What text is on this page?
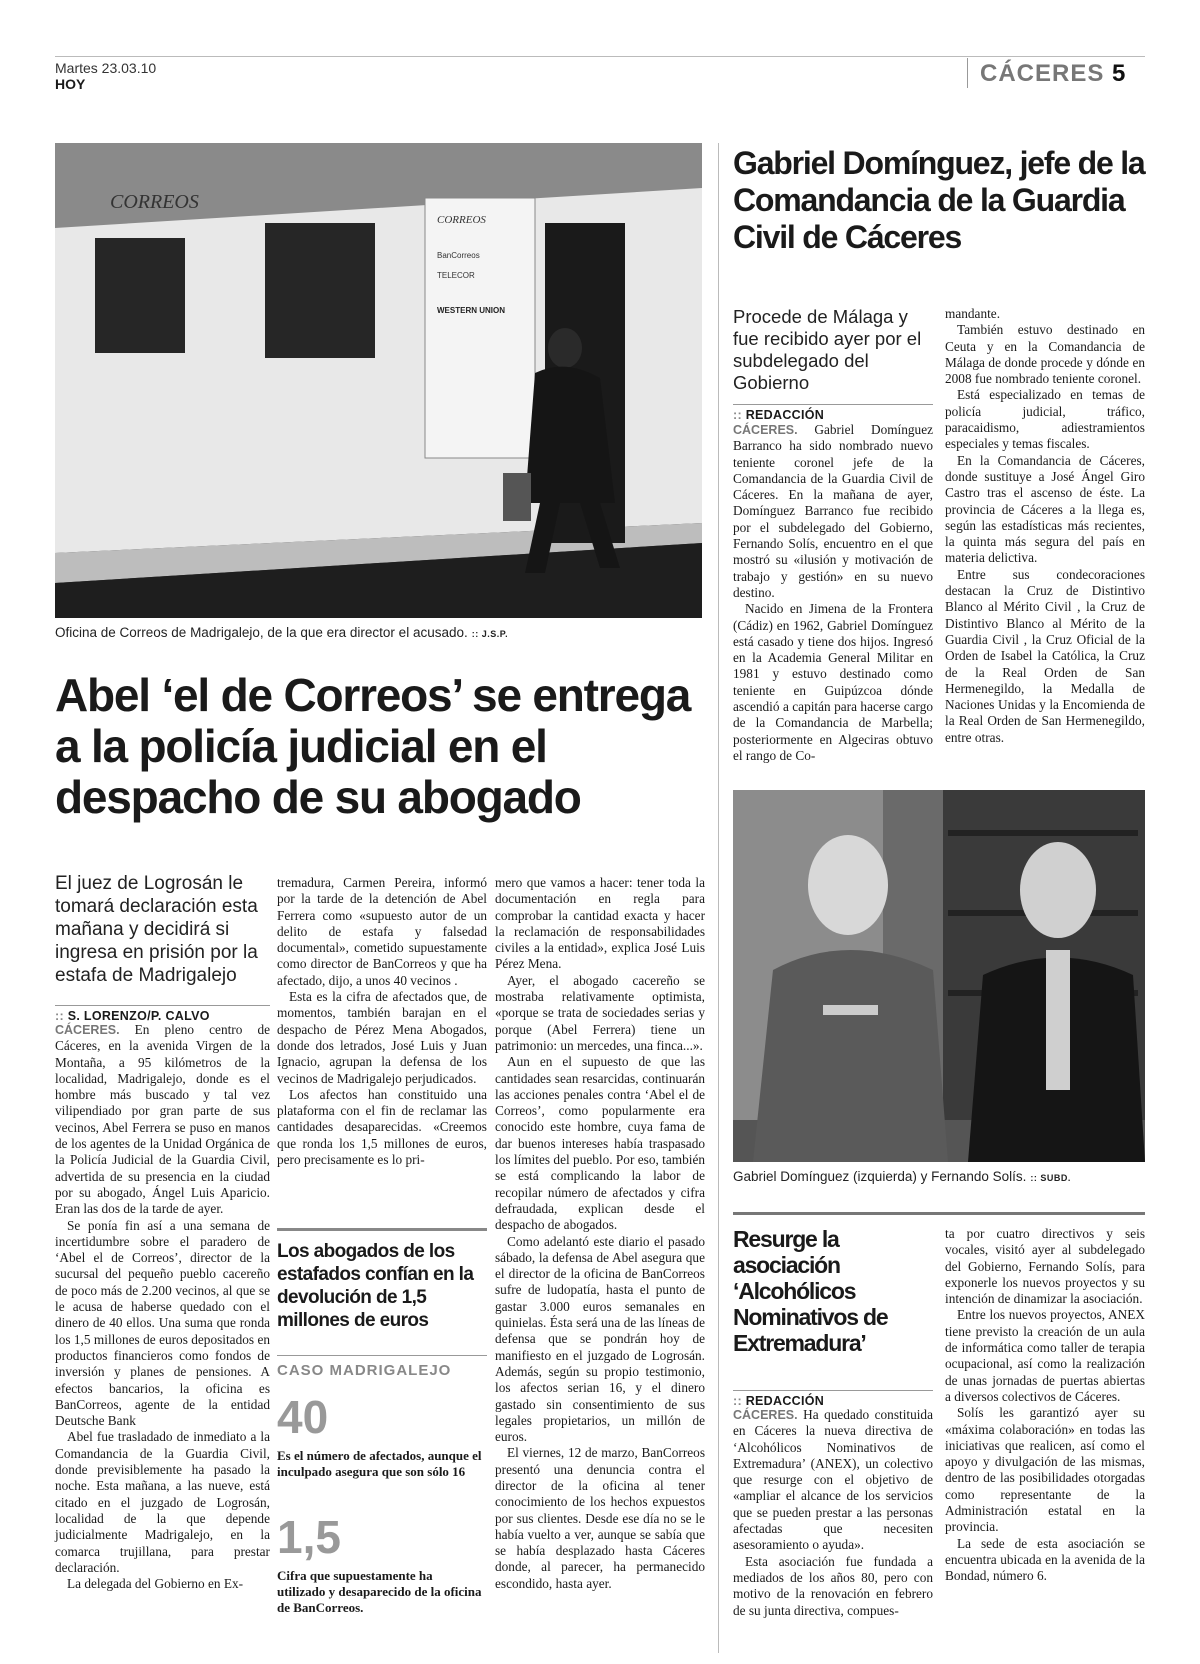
Martes 23.03.10
HOY	CÁCERES 5
CORREOS
CORREOS
BanCorreos
TELECOR
WESTERN UNION
Oficina de Correos de Madrigalejo, de la que era director el acusado. :: J.S.P.
Abel ‘el de Correos’ se entrega a la policía judicial en el despacho de su abogado
El juez de Logrosán le tomará declaración esta mañana y decidirá si ingresa en prisión por la estafa de Madrigalejo
:: S. LORENZO/P. CALVO

CÁCERES. En pleno centro de Cáceres, en la avenida Virgen de la Montaña, a 95 kilómetros de la localidad, Madrigalejo, donde es el hombre más buscado y tal vez vilipendiado por gran parte de sus vecinos, Abel Ferrera se puso en manos de los agentes de la Unidad Orgánica de la Policía Judicial de la Guardia Civil, advertida de su presencia en la ciudad por su abogado, Ángel Luis Aparicio. Eran las dos de la tarde de ayer.

Se ponía fin así a una semana de incertidumbre sobre el paradero de ‘Abel el de Correos’, director de la sucursal del pequeño pueblo cacereño de poco más de 2.200 vecinos, al que se le acusa de haberse quedado con el dinero de 40 ellos. Una suma que ronda los 1,5 millones de euros depositados en productos financieros como fondos de inversión y planes de pensiones. A efectos bancarios, la oficina es BanCorreos, agente de la entidad Deutsche Bank

Abel fue trasladado de inmediato a la Comandancia de la Guardia Civil, donde previsiblemente ha pasado la noche. Esta mañana, a las nueve, está citado en el juzgado de Logrosán, localidad de la que depende judicialmente Madrigalejo, en la comarca trujillana, para prestar declaración.

La delegada del Gobierno en Ex-

tremadura, Carmen Pereira, informó por la tarde de la detención de Abel Ferrera como «supuesto autor de un delito de estafa y falsedad documental», cometido supuestamente como director de BanCorreos y que ha afectado, dijo, a unos 40 vecinos .

Esta es la cifra de afectados que, de momentos, también barajan en el despacho de Pérez Mena Abogados, donde dos letrados, José Luis y Juan Ignacio, agrupan la defensa de los vecinos de Madrigalejo perjudicados.

Los afectos han constituido una plataforma con el fin de reclamar las cantidades desaparecidas. «Creemos que ronda los 1,5 millones de euros, pero precisamente es lo pri-

Los abogados de los estafados confían en la devolución de 1,5 millones de euros
CASO MADRIGALEJO
40
Es el número de afectados, aunque el inculpado asegura que son sólo 16
1,5
Cifra que supuestamente ha utilizado y desaparecido de la oficina de BanCorreos.

mero que vamos a hacer: tener toda la documentación en regla para comprobar la cantidad exacta y hacer la reclamación de responsabilidades civiles a la entidad», explica José Luis Pérez Mena.

Ayer, el abogado cacereño se mostraba relativamente optimista, «porque se trata de sociedades serias y porque (Abel Ferrera) tiene un patrimonio: un mercedes, una finca...».

Aun en el supuesto de que las cantidades sean resarcidas, continuarán las acciones penales contra ‘Abel el de Correos’, como popularmente era conocido este hombre, cuya fama de dar buenos intereses había traspasado los límites del pueblo. Por eso, también se está complicando la labor de recopilar número de afectados y cifra defraudada, explican desde el despacho de abogados.

Como adelantó este diario el pasado sábado, la defensa de Abel asegura que el director de la oficina de BanCorreos sufre de ludopatía, hasta el punto de gastar 3.000 euros semanales en quinielas. Ésta será una de las líneas de defensa que se pondrán hoy de manifiesto en el juzgado de Logrosán. Además, según su propio testimonio, los afectos serian 16, y el dinero gastado sin consentimiento de sus legales propietarios, un millón de euros.

El viernes, 12 de marzo, BanCorreos presentó una denuncia contra el director de la oficina al tener conocimiento de los hechos expuestos por sus clientes. Desde ese día no se le había vuelto a ver, aunque se sabía que se había desplazado hasta Cáceres donde, al parecer, ha permanecido escondido, hasta ayer.

Gabriel Domínguez, jefe de la Comandancia de la Guardia Civil de Cáceres
Procede de Málaga y fue recibido ayer por el subdelegado del Gobierno
:: REDACCIÓN

CÁCERES. Gabriel Domínguez Barranco ha sido nombrado nuevo teniente coronel jefe de la Comandancia de la Guardia Civil de Cáceres. En la mañana de ayer, Domínguez Barranco fue recibido por el subdelegado del Gobierno, Fernando Solís, encuentro en el que mostró su «ilusión y motivación de trabajo y gestión» en su nuevo destino.

Nacido en Jimena de la Frontera (Cádiz) en 1962, Gabriel Domínguez está casado y tiene dos hijos. Ingresó en la Academia General Militar en 1981 y estuvo destinado como teniente en Guipúzcoa dónde ascendió a capitán para hacerse cargo de la Comandancia de Marbella; posteriormente en Algeciras obtuvo el rango de Co-

mandante.

También estuvo destinado en Ceuta y en la Comandancia de Málaga de donde procede y dónde en 2008 fue nombrado teniente coronel.

Está especializado en temas de policía judicial, tráfico, paracaidismo, adiestramientos especiales y temas fiscales.

En la Comandancia de Cáceres, donde sustituye a José Ángel Giro Castro tras el ascenso de éste. La provincia de Cáceres a la llega es, según las estadísticas más recientes, la quinta más segura del país en materia delictiva.

Entre sus condecoraciones destacan la Cruz de Distintivo Blanco al Mérito Civil , la Cruz de Distintivo Blanco al Mérito de la Guardia Civil , la Cruz Oficial de la Orden de Isabel la Católica, la Cruz de la Real Orden de San Hermenegildo, la Medalla de Naciones Unidas y la Encomienda de la Real Orden de San Hermenegildo, entre otras.

Gabriel Domínguez (izquierda) y Fernando Solís. :: SUBD.
Resurge la asociación ‘Alcohólicos Nominativos de Extremadura’
:: REDACCIÓN

CÁCERES. Ha quedado constituida en Cáceres la nueva directiva de ‘Alcohólicos Nominativos de Extremadura’ (ANEX), un colectivo que resurge con el objetivo de «ampliar el alcance de los servicios que se pueden prestar a las personas afectadas que necesiten asesoramiento o ayuda».

Esta asociación fue fundada a mediados de los años 80, pero con motivo de la renovación en febrero de su junta directiva, compues-

ta por cuatro directivos y seis vocales, visitó ayer al subdelegado del Gobierno, Fernando Solís, para exponerle los nuevos proyectos y su intención de dinamizar la asociación.

Entre los nuevos proyectos, ANEX tiene previsto la creación de un aula de informática como taller de terapia ocupacional, así como la realización de unas jornadas de puertas abiertas a diversos colectivos de Cáceres.

Solís les garantizó ayer su «máxima colaboración» en todas las iniciativas que realicen, así como el apoyo y divulgación de las mismas, dentro de las posibilidades otorgadas como representante de la Administración estatal en la provincia.

La sede de esta asociación se encuentra ubicada en la avenida de la Bondad, número 6.
